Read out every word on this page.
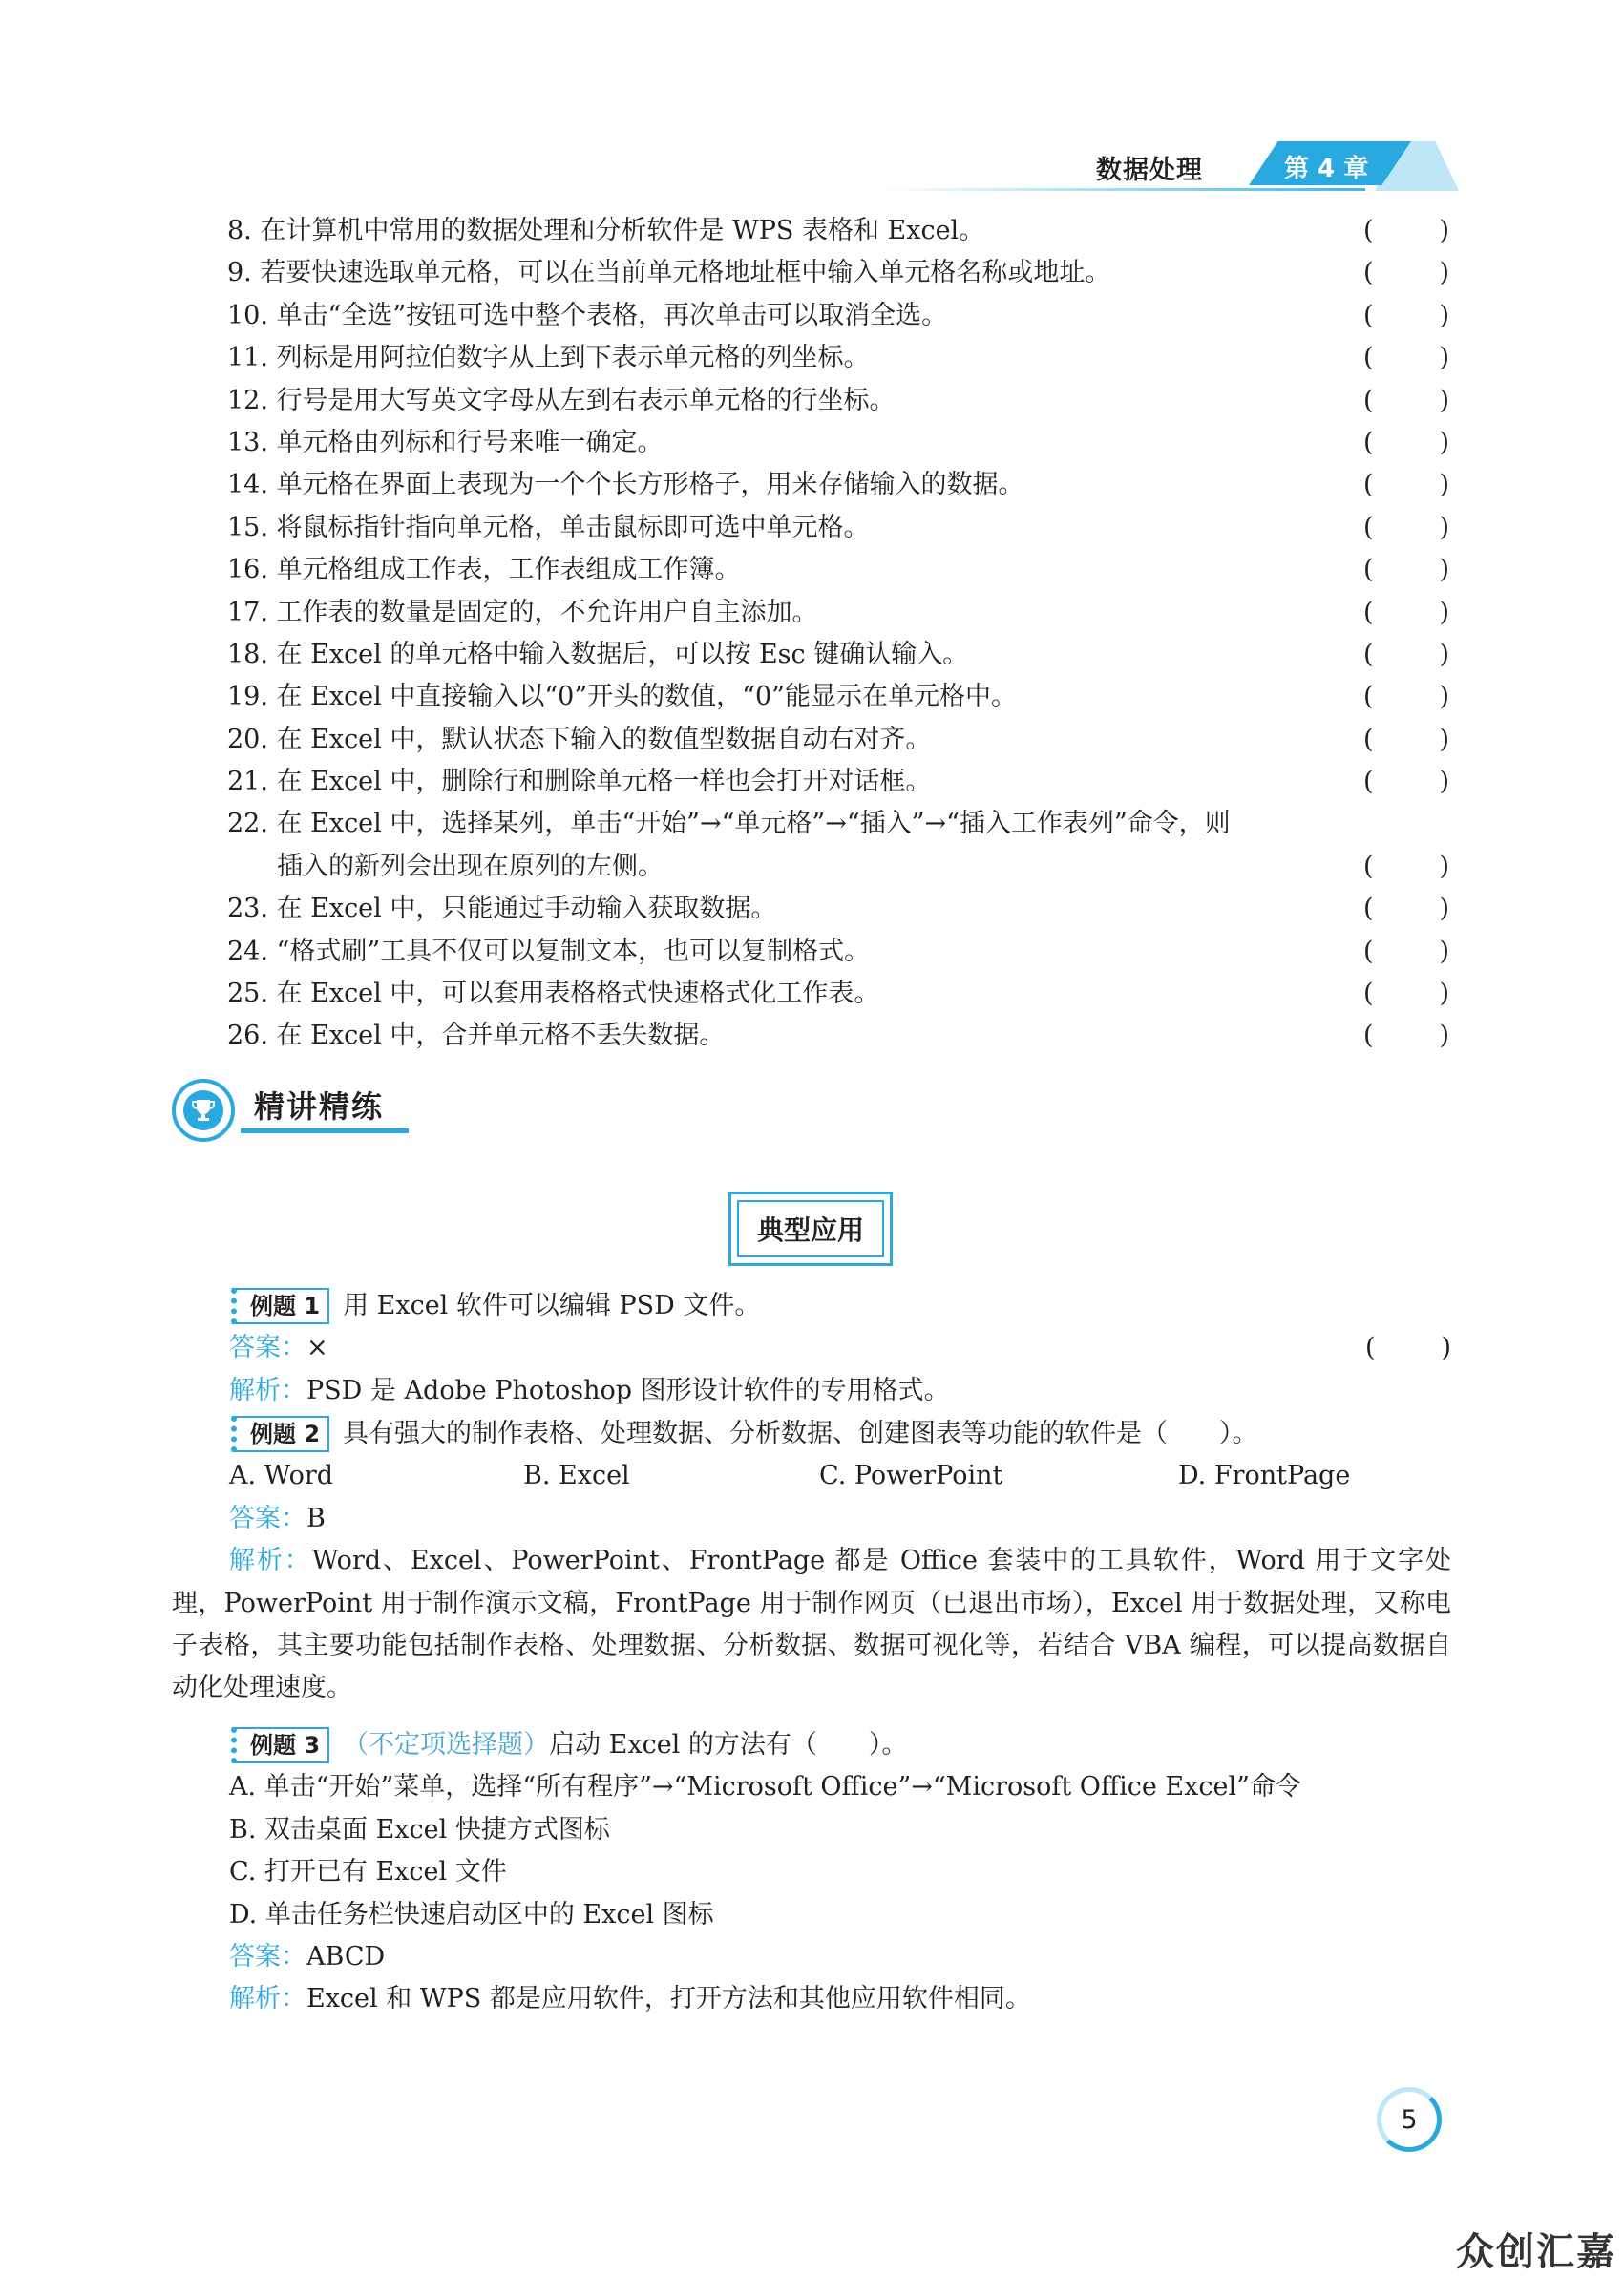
数据处理	第 4 章
8. 在计算机中常用的数据处理和分析软件是 WPS 表格和 Excel。	(	)
9. 若要快速选取单元格，可以在当前单元格地址框中输入单元格名称或地址。	(	)
10. 单击“全选”按钮可选中整个表格，再次单击可以取消全选。	(	)
11. 列标是用阿拉伯数字从上到下表示单元格的列坐标。	(	)
12. 行号是用大写英文字母从左到右表示单元格的行坐标。	(	)
13. 单元格由列标和行号来唯一确定。	(	)
14. 单元格在界面上表现为一个个长方形格子，用来存储输入的数据。	(	)
15. 将鼠标指针指向单元格，单击鼠标即可选中单元格。	(	)
16. 单元格组成工作表，工作表组成工作簿。	(	)
17. 工作表的数量是固定的，不允许用户自主添加。	(	)
18. 在 Excel 的单元格中输入数据后，可以按 Esc 键确认输入。	(	)
19. 在 Excel 中直接输入以“0”开头的数值，“0”能显示在单元格中。	(	)
20. 在 Excel 中，默认状态下输入的数值型数据自动右对齐。	(	)
21. 在 Excel 中，删除行和删除单元格一样也会打开对话框。	(	)
22. 在 Excel 中，选择某列，单击“开始”→“单元格”→“插入”→“插入工作表列”命令，则
插入的新列会出现在原列的左侧。	(	)
23. 在 Excel 中，只能通过手动输入获取数据。	(	)
24. “格式刷”工具不仅可以复制文本，也可以复制格式。	(	)
25. 在 Excel 中，可以套用表格格式快速格式化工作表。	(	)
26. 在 Excel 中，合并单元格不丢失数据。	(	)
精讲精练
典型应用
例题 1 用 Excel 软件可以编辑 PSD 文件。
(	)
答案：×
解析：PSD 是 Adobe Photoshop 图形设计软件的专用格式。
例题 2 具有强大的制作表格、处理数据、分析数据、创建图表等功能的软件是（　　）。
A. Word	B. Excel	C. PowerPoint	D. FrontPage
答案：B
解析：Word、Excel、PowerPoint、FrontPage 都是 Office 套装中的工具软件，Word 用于文字处理，PowerPoint 用于制作演示文稿，FrontPage 用于制作网页（已退出市场），Excel 用于数据处理，又称电子表格，其主要功能包括制作表格、处理数据、分析数据、数据可视化等，若结合 VBA 编程，可以提高数据自动化处理速度。
例题 3 （不定项选择题）启动 Excel 的方法有（　　）。
A. 单击“开始”菜单，选择“所有程序”→“Microsoft Office”→“Microsoft Office Excel”命令
B. 双击桌面 Excel 快捷方式图标
C. 打开已有 Excel 文件
D. 单击任务栏快速启动区中的 Excel 图标
答案：ABCD
解析：Excel 和 WPS 都是应用软件，打开方法和其他应用软件相同。
5
众创汇嘉
